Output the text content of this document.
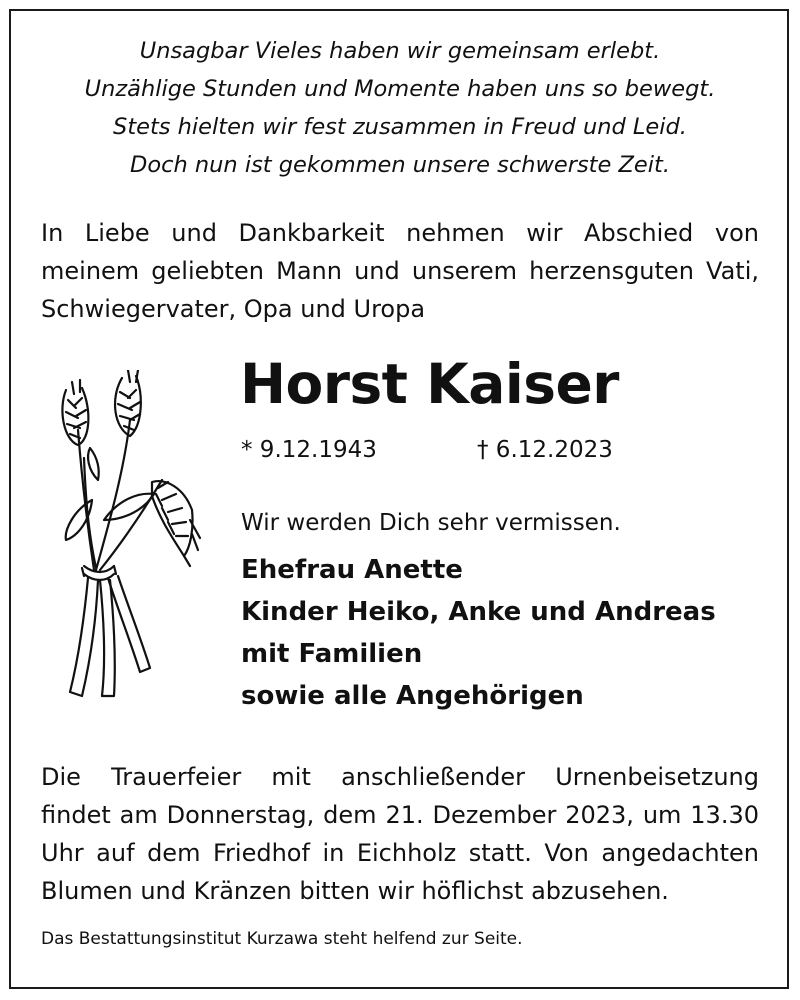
Unsagbar Vieles haben wir gemeinsam erlebt.
Unzählige Stunden und Momente haben uns so bewegt.
Stets hielten wir fest zusammen in Freud und Leid.
Doch nun ist gekommen unsere schwerste Zeit.
In Liebe und Dankbarkeit nehmen wir Abschied von meinem geliebten Mann und unserem herzensguten Vati, Schwiegervater, Opa und Uropa
Horst Kaiser
* 9.12.1943	† 6.12.2023
Wir werden Dich sehr vermissen.
Ehefrau Anette
Kinder Heiko, Anke und Andreas
mit Familien
sowie alle Angehörigen
Die Trauerfeier mit anschließender Urnenbeisetzung
findet am Donnerstag, dem 21. Dezember 2023, um 13.30
Uhr auf dem Friedhof in Eichholz statt. Von angedachten
Blumen und Kränzen bitten wir höflichst abzusehen.
Das Bestattungsinstitut Kurzawa steht helfend zur Seite.
